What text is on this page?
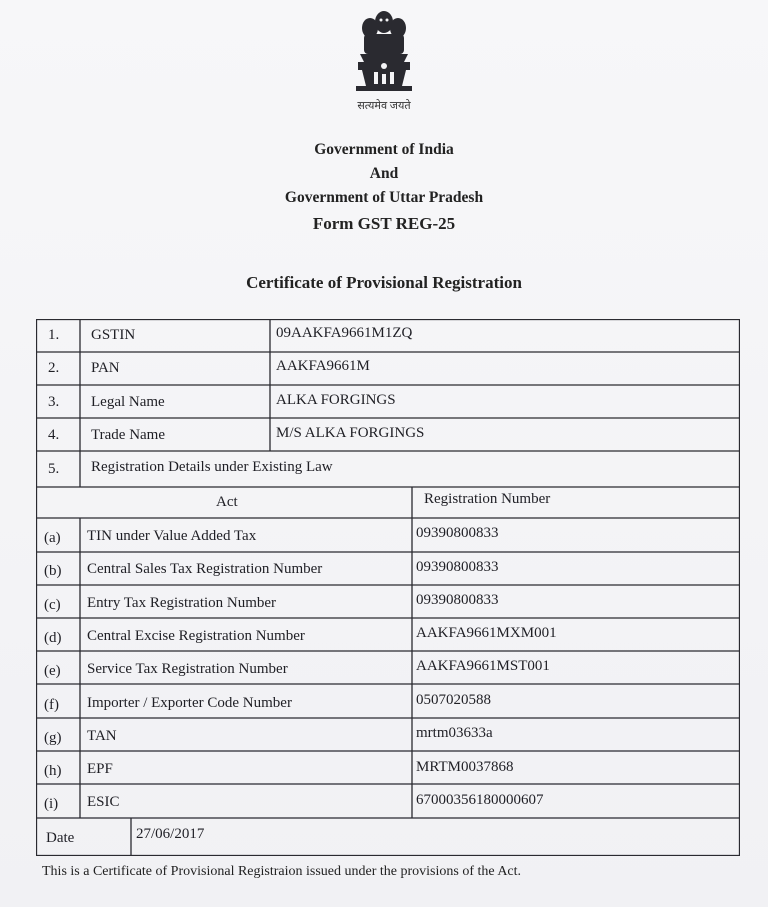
सत्यमेव जयते
Government of India
And
Government of Uttar Pradesh
Form GST REG-25
Certificate of Provisional Registration
1. GSTIN	09AAKFA9661M1ZQ
2. PAN	AAKFA9661M
3. Legal Name	ALKA FORGINGS
4. Trade Name	M/S ALKA FORGINGS
5. Registration Details under Existing Law
Act	Registration Number
(a) TIN under Value Added Tax	09390800833
(b) Central Sales Tax Registration Number	09390800833
(c) Entry Tax Registration Number	09390800833
(d) Central Excise Registration Number	AAKFA9661MXM001
(e) Service Tax Registration Number	AAKFA9661MST001
(f) Importer / Exporter Code Number	0507020588
(g) TAN	mrtm03633a
(h) EPF	MRTM0037868
(i) ESIC	67000356180000607
Date	27/06/2017
This is a Certificate of Provisional Registraion issued under the provisions of the Act.
